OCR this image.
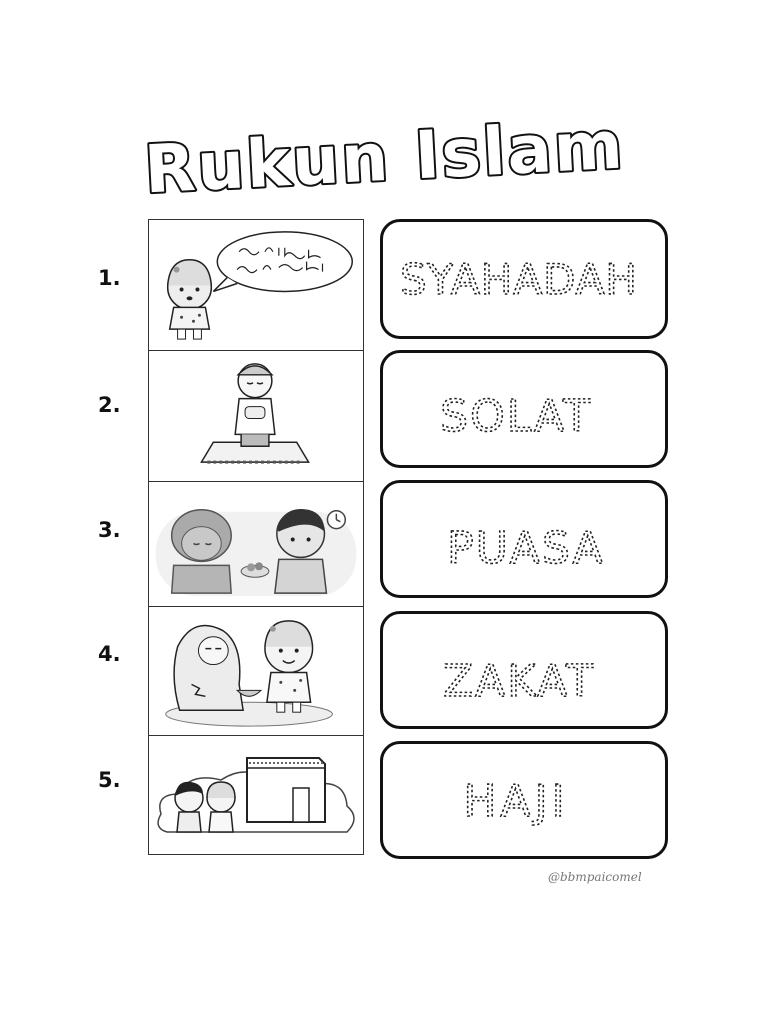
Rukun Islam
1.
2.
3.
4.
5.
SYAHADAH
SOLAT
PUASA
ZAKAT
HAJI
@bbmpaicomel
